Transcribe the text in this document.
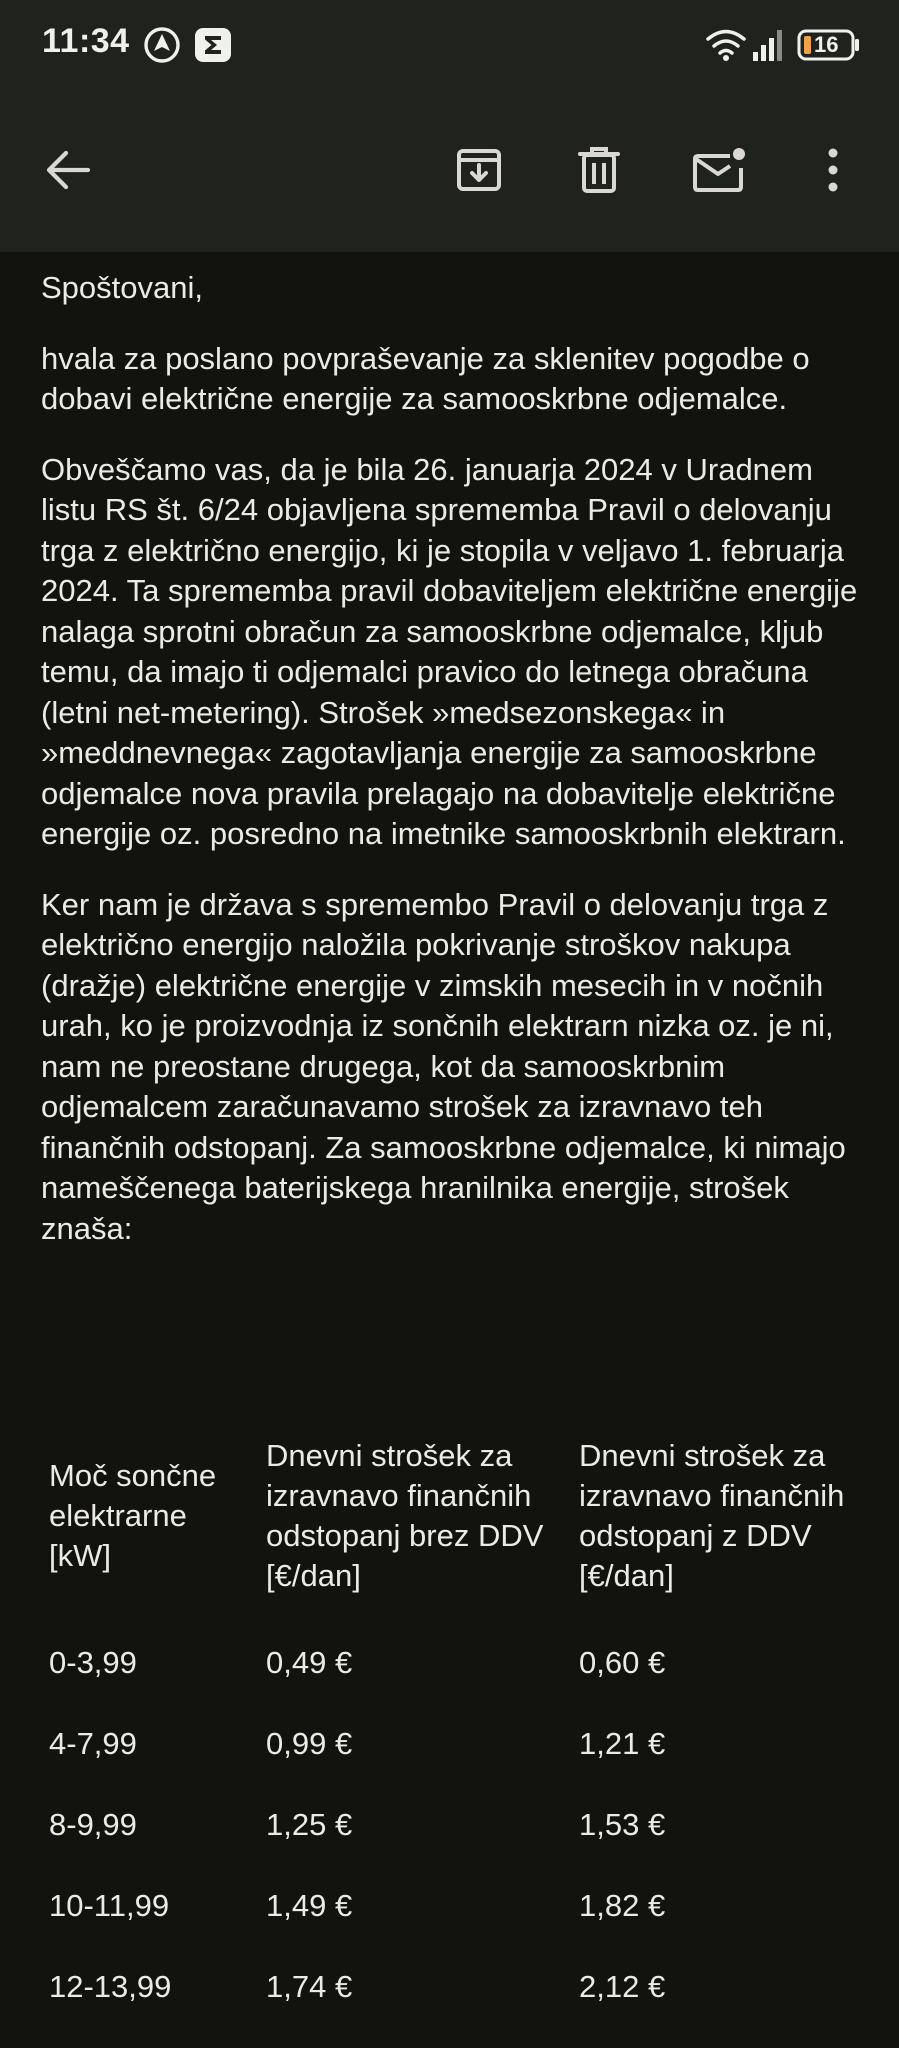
11:34	16

Spoštovani,

hvala za poslano povpraševanje za sklenitev pogodbe o dobavi električne energije za samooskrbne odjemalce.

Obveščamo vas, da je bila 26. januarja 2024 v Uradnem listu RS št. 6/24 objavljena sprememba Pravil o delovanju trga z električno energijo, ki je stopila v veljavo 1. februarja 2024. Ta sprememba pravil dobaviteljem električne energije nalaga sprotni obračun za samooskrbne odjemalce, kljub temu, da imajo ti odjemalci pravico do letnega obračuna (letni net-metering). Strošek »medsezonskega« in »meddnevnega« zagotavljanja energije za samooskrbne odjemalce nova pravila prelagajo na dobavitelje električne energije oz. posredno na imetnike samooskrbnih elektrarn.

Ker nam je država s spremembo Pravil o delovanju trga z električno energijo naložila pokrivanje stroškov nakupa (dražje) električne energije v zimskih mesecih in v nočnih urah, ko je proizvodnja iz sončnih elektrarn nizka oz. je ni, nam ne preostane drugega, kot da samooskrbnim odjemalcem zaračunavamo strošek za izravnavo teh finančnih odstopanj. Za samooskrbne odjemalce, ki nimajo nameščenega baterijskega hranilnika energije, strošek znaša:

Moč sončne elektrarne [kW]	Dnevni strošek za izravnavo finančnih odstopanj brez DDV [€/dan]	Dnevni strošek za izravnavo finančnih odstopanj z DDV [€/dan]
0-3,99	0,49 €	0,60 €
4-7,99	0,99 €	1,21 €
8-9,99	1,25 €	1,53 €
10-11,99	1,49 €	1,82 €
12-13,99	1,74 €	2,12 €
